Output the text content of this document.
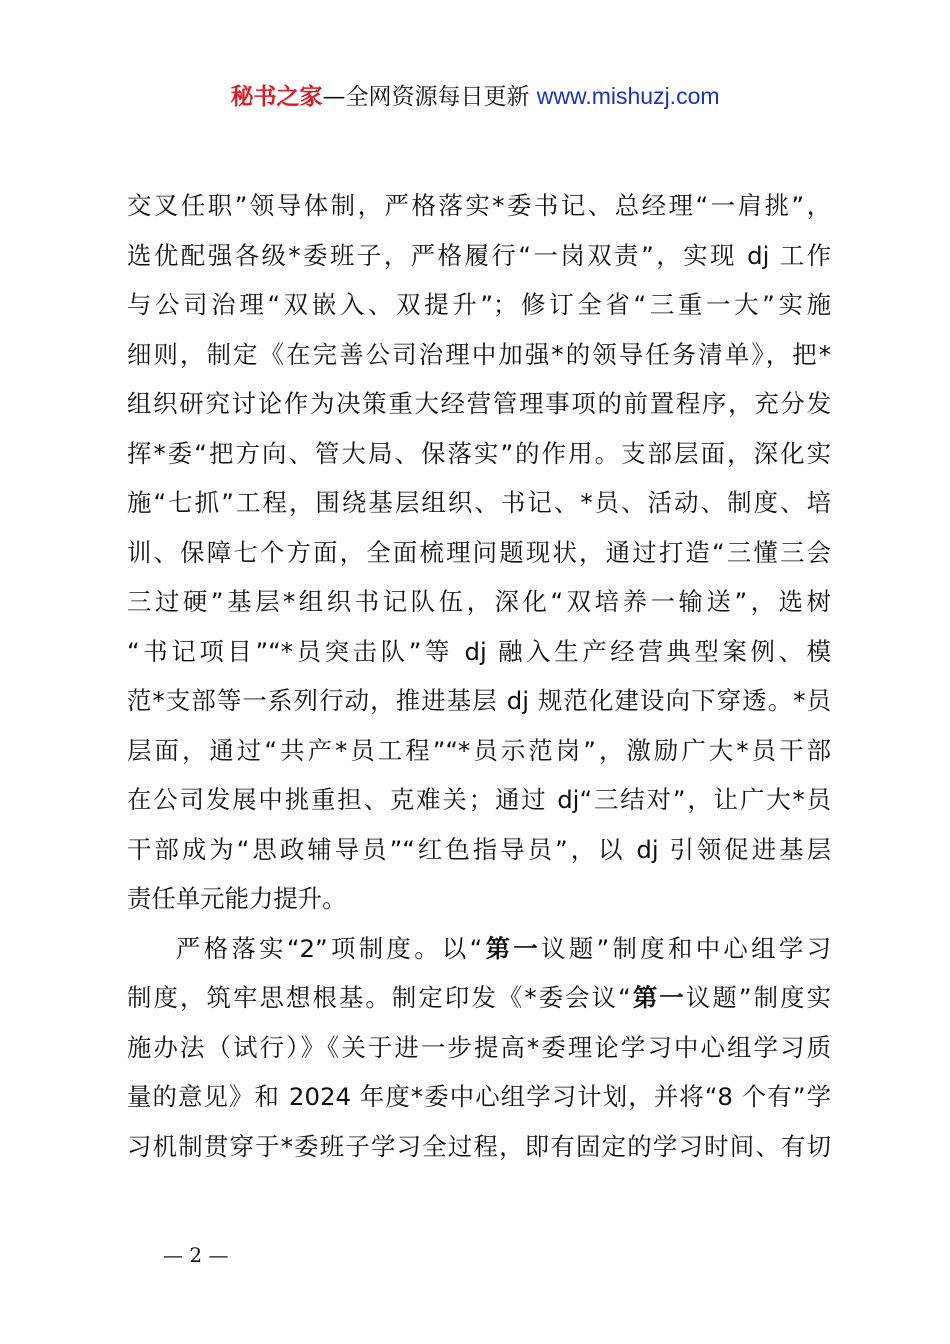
秘书之家—全网资源每日更新 www.mishuzj.com
交叉任职”领导体制，严格落实*委书记、总经理“一肩挑”，
选优配强各级*委班子，严格履行“一岗双责”，实现 dj 工作
与公司治理“双嵌入、双提升”；修订全省“三重一大”实施
细则，制定《在完善公司治理中加强*的领导任务清单》，把*
组织研究讨论作为决策重大经营管理事项的前置程序，充分发
挥*委“把方向、管大局、保落实”的作用。支部层面，深化实
施“七抓”工程，围绕基层组织、书记、*员、活动、制度、培
训、保障七个方面，全面梳理问题现状，通过打造“三懂三会
三过硬”基层*组织书记队伍，深化“双培养一输送”，选树
“书记项目”“*员突击队”等 dj 融入生产经营典型案例、模
范*支部等一系列行动，推进基层 dj 规范化建设向下穿透。*员
层面，通过“共产*员工程”“*员示范岗”，激励广大*员干部
在公司发展中挑重担、克难关；通过 dj“三结对”，让广大*员
干部成为“思政辅导员”“红色指导员”，以 dj 引领促进基层
责任单元能力提升。
严格落实“2”项制度。以“第一议题”制度和中心组学习
制度，筑牢思想根基。制定印发《*委会议“第一议题”制度实
施办法（试行）》《关于进一步提高*委理论学习中心组学习质
量的意见》和 2024 年度*委中心组学习计划，并将“8 个有”学
习机制贯穿于*委班子学习全过程，即有固定的学习时间、有切
— 2 —
